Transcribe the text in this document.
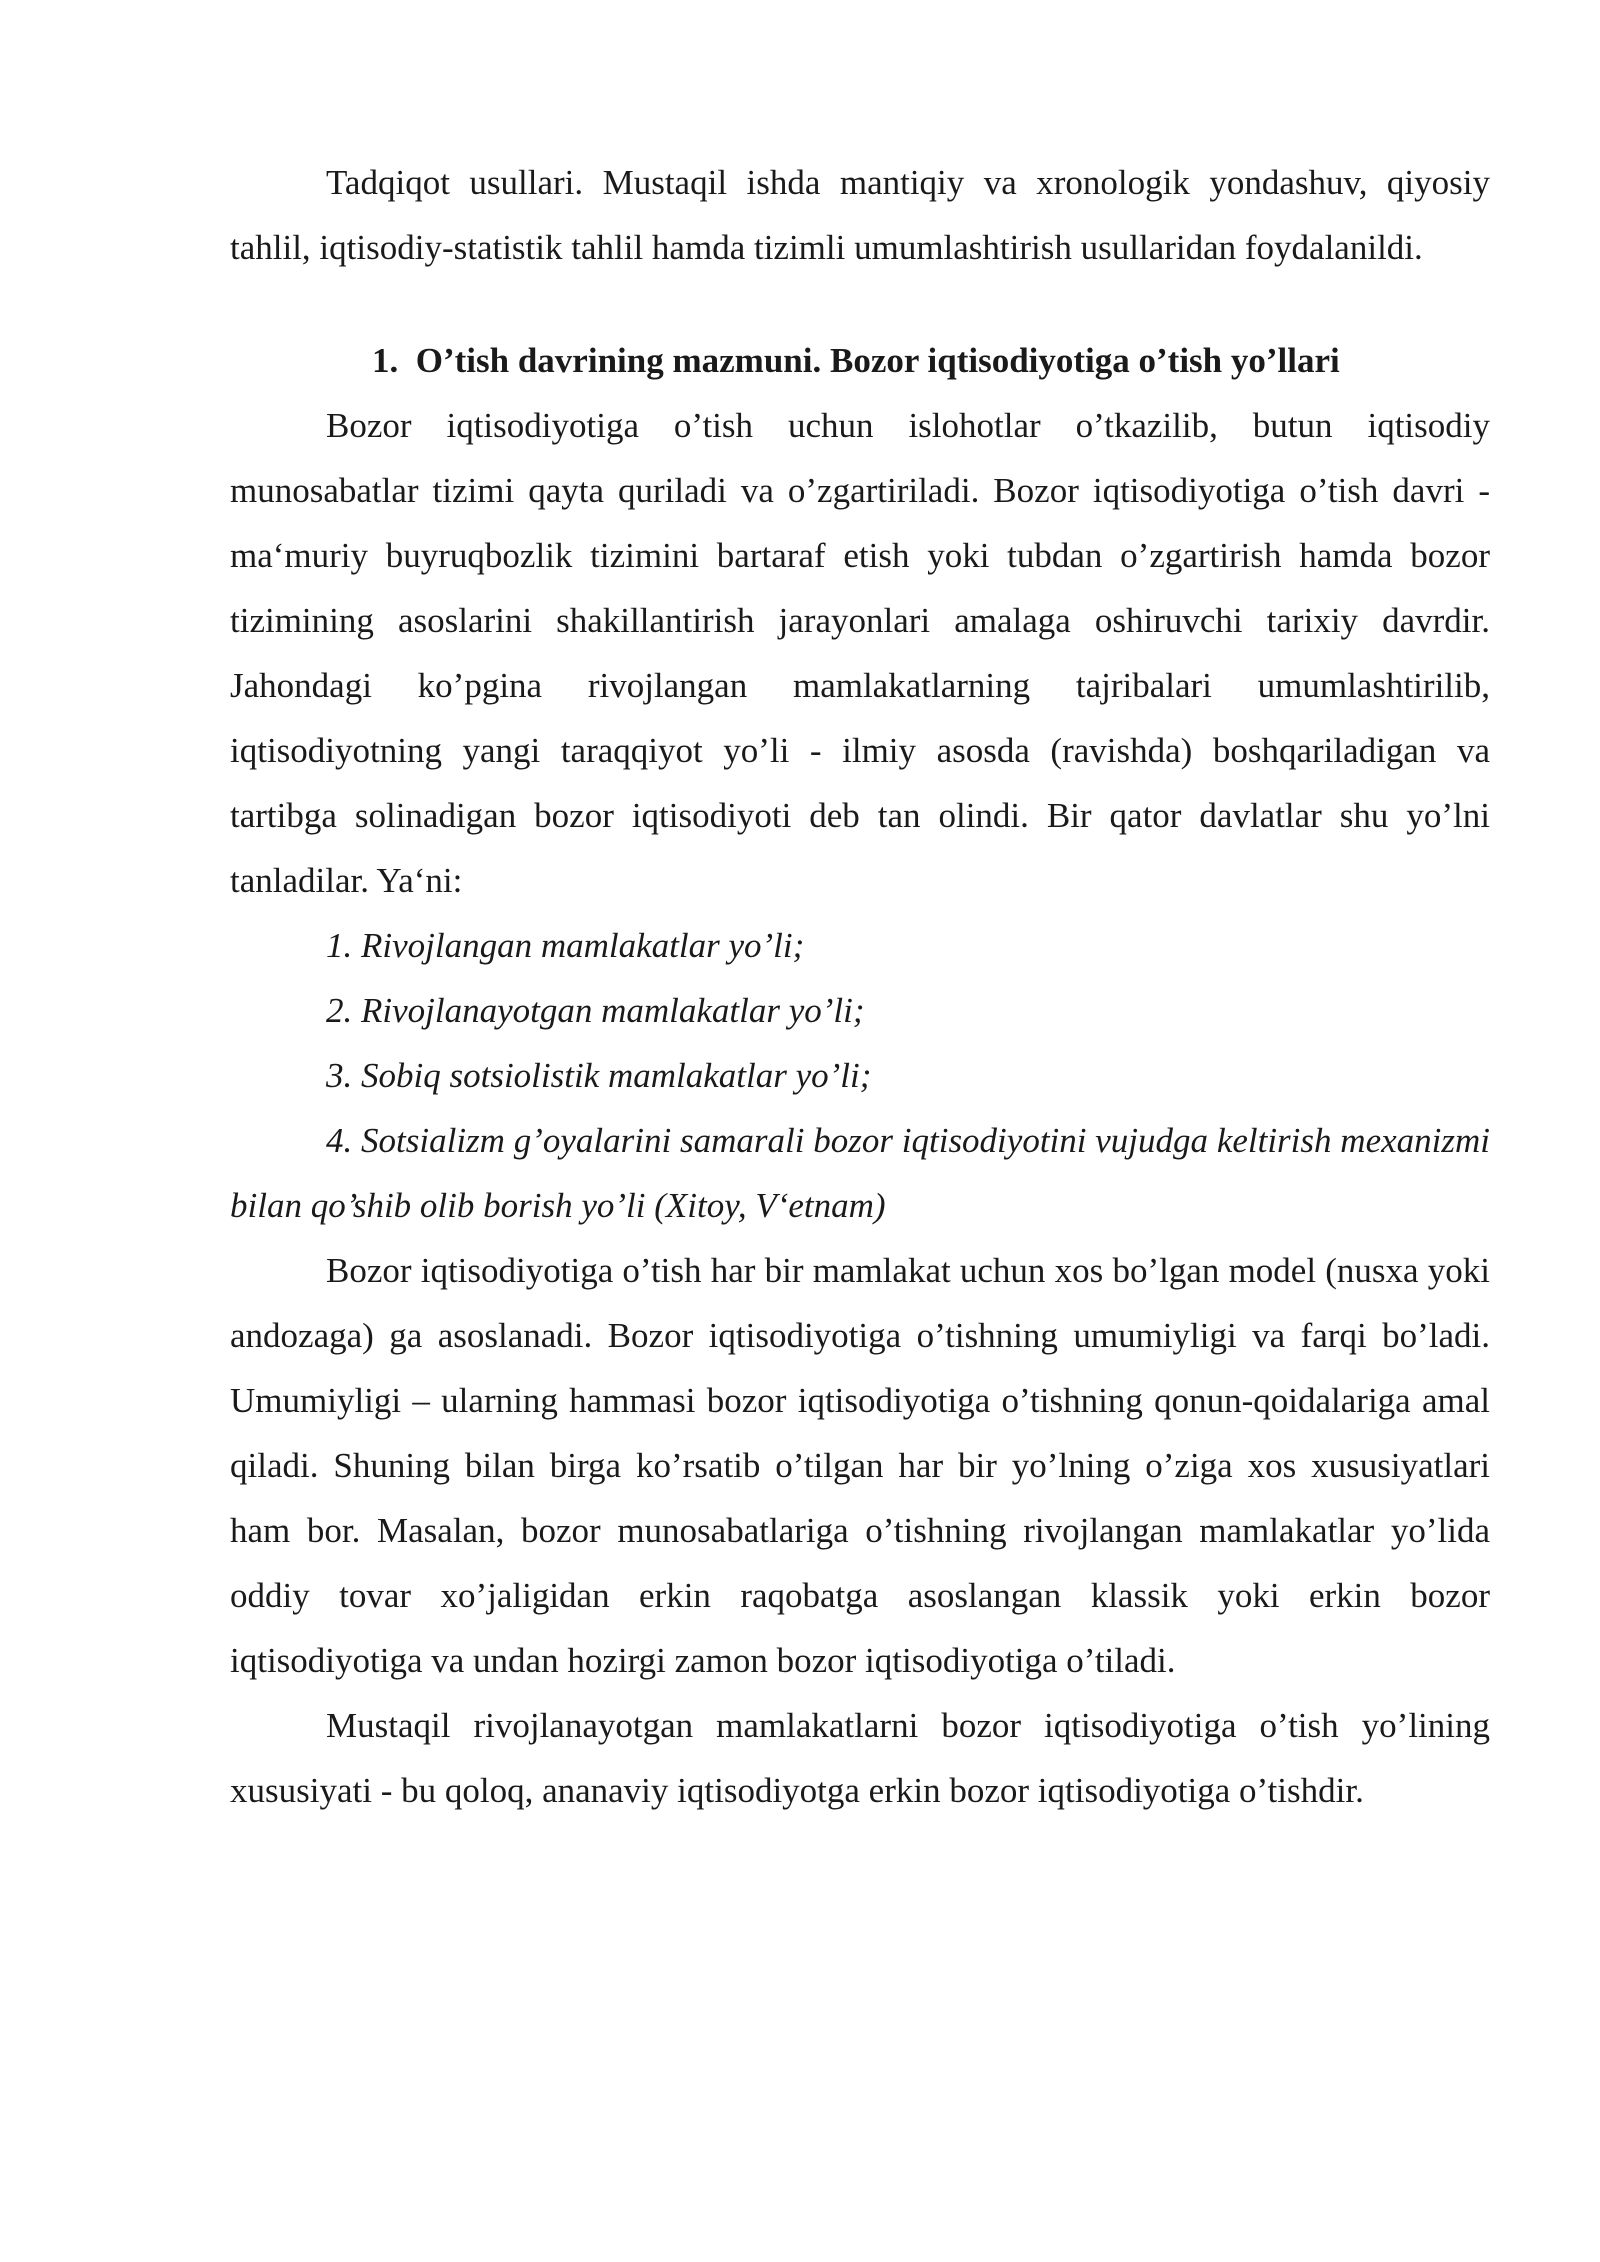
Tadqiqot usullari. Mustaqil ishda mantiqiy va xronologik yondashuv, qiyosiy tahlil, iqtisodiy-statistik tahlil hamda tizimli umumlashtirish usullaridan foydalanildi.

1. O’tish davrining mazmuni. Bozor iqtisodiyotiga o’tish yo’llari

Bozor iqtisodiyotiga o’tish uchun islohotlar o’tkazilib, butun iqtisodiy munosabatlar tizimi qayta quriladi va o’zgartiriladi. Bozor iqtisodiyotiga o’tish davri - ma‘muriy buyruqbozlik tizimini bartaraf etish yoki tubdan o’zgartirish hamda bozor tizimining asoslarini shakillantirish jarayonlari amalaga oshiruvchi tarixiy davrdir. Jahondagi ko’pgina rivojlangan mamlakatlarning tajribalari umumlashtirilib, iqtisodiyotning yangi taraqqiyot yo’li - ilmiy asosda (ravishda) boshqariladigan va tartibga solinadigan bozor iqtisodiyoti deb tan olindi. Bir qator davlatlar shu yo’lni tanladilar. Ya‘ni:

1. Rivojlangan mamlakatlar yo’li;

2. Rivojlanayotgan mamlakatlar yo’li;

3. Sobiq sotsiolistik mamlakatlar yo’li;

4. Sotsializm g’oyalarini samarali bozor iqtisodiyotini vujudga keltirish mexanizmi bilan qo’shib olib borish yo’li (Xitoy, V‘etnam)

Bozor iqtisodiyotiga o’tish har bir mamlakat uchun xos bo’lgan model (nusxa yoki andozaga) ga asoslanadi. Bozor iqtisodiyotiga o’tishning umumiyligi va farqi bo’ladi. Umumiyligi – ularning hammasi bozor iqtisodiyotiga o’tishning qonun-qoidalariga amal qiladi. Shuning bilan birga ko’rsatib o’tilgan har bir yo’lning o’ziga xos xususiyatlari ham bor. Masalan, bozor munosabatlariga o’tishning rivojlangan mamlakatlar yo’lida oddiy tovar xo’jaligidan erkin raqobatga asoslangan klassik yoki erkin bozor iqtisodiyotiga va undan hozirgi zamon bozor iqtisodiyotiga o’tiladi.

Mustaqil rivojlanayotgan mamlakatlarni bozor iqtisodiyotiga o’tish yo’lining xususiyati - bu qoloq, ananaviy iqtisodiyotga erkin bozor iqtisodiyotiga o’tishdir.
